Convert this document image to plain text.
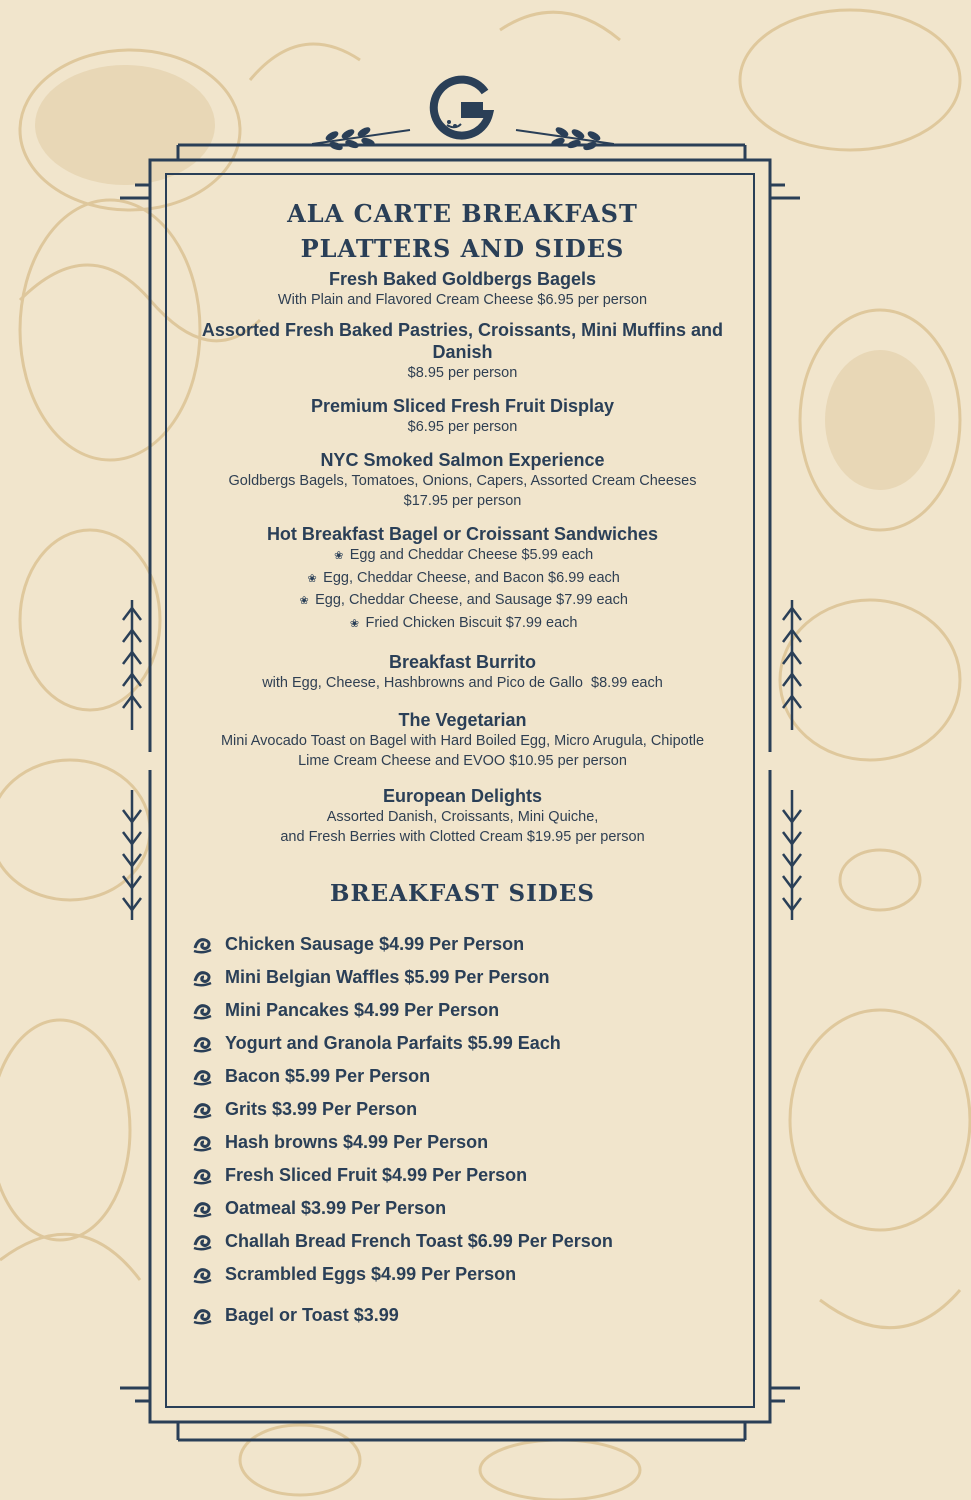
ALA CARTE BREAKFAST
PLATTERS AND SIDES
Fresh Baked Goldbergs Bagels
With Plain and Flavored Cream Cheese $6.95 per person
Assorted Fresh Baked Pastries, Croissants, Mini Muffins and Danish
$8.95 per person
Premium Sliced Fresh Fruit Display
$6.95 per person
NYC Smoked Salmon Experience
Goldbergs Bagels, Tomatoes, Onions, Capers, Assorted Cream Cheeses
$17.95 per person
Hot Breakfast Bagel or Croissant Sandwiches
❀ Egg and Cheddar Cheese $5.99 each
❀ Egg, Cheddar Cheese, and Bacon $6.99 each
❀ Egg, Cheddar Cheese, and Sausage $7.99 each
❀ Fried Chicken Biscuit $7.99 each
Breakfast Burrito
with Egg, Cheese, Hashbrowns and Pico de Gallo  $8.99 each
The Vegetarian
Mini Avocado Toast on Bagel with Hard Boiled Egg, Micro Arugula, Chipotle
Lime Cream Cheese and EVOO $10.95 per person
European Delights
Assorted Danish, Croissants, Mini Quiche,
and Fresh Berries with Clotted Cream $19.95 per person
BREAKFAST SIDES
Chicken Sausage $4.99 Per Person
Mini Belgian Waffles $5.99 Per Person
Mini Pancakes $4.99 Per Person
Yogurt and Granola Parfaits $5.99 Each
Bacon $5.99 Per Person
Grits $3.99 Per Person
Hash browns $4.99 Per Person
Fresh Sliced Fruit $4.99 Per Person
Oatmeal $3.99 Per Person
Challah Bread French Toast $6.99 Per Person
Scrambled Eggs $4.99 Per Person
Bagel or Toast $3.99
